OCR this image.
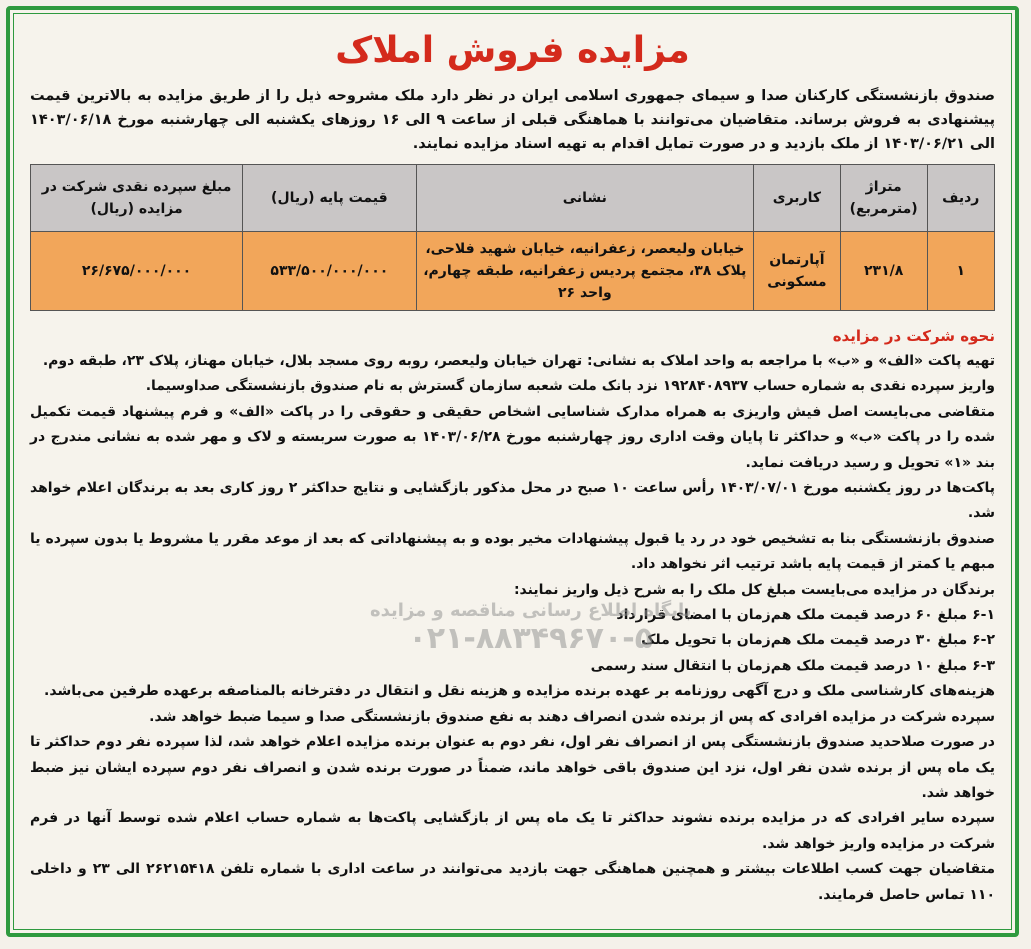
مزایده فروش املاک
صندوق بازنشستگی کارکنان صدا و سیمای جمهوری اسلامی ایران در نظر دارد ملک مشروحه ذیل را از طریق مزایده به بالاترین قیمت پیشنهادی به فروش برساند. متقاضیان می‌توانند با هماهنگی قبلی از ساعت ۹ الی ۱۶ روزهای یکشنبه الی چهارشنبه مورخ ۱۴۰۳/۰۶/۱۸ الی ۱۴۰۳/۰۶/۲۱ از ملک بازدید و در صورت تمایل اقدام به تهیه اسناد مزایده نمایند.
ردیف	متراژ (مترمربع)	کاربری	نشانی	قیمت پایه (ریال)	مبلغ سپرده نقدی شرکت در مزایده (ریال)
۱	۲۳۱/۸	آپارتمان مسکونی	خیابان ولیعصر، زعفرانیه، خیابان شهید فلاحی، پلاک ۳۸، مجتمع پردیس زعفرانیه، طبقه چهارم، واحد ۲۶	۵۳۳/۵۰۰/۰۰۰/۰۰۰	۲۶/۶۷۵/۰۰۰/۰۰۰
نحوه شرکت در مزایده

تهیه پاکت «الف» و «ب» با مراجعه به واحد املاک به نشانی: تهران خیابان ولیعصر، روبه روی مسجد بلال، خیابان مهناز، پلاک ۲۳، طبقه دوم.

واریز سپرده نقدی به شماره حساب ۱۹۲۸۴۰۸۹۳۷ نزد بانک ملت شعبه سازمان گسترش به نام صندوق بازنشستگی صداوسیما.

متقاضی می‌بایست اصل فیش واریزی به همراه مدارک شناسایی اشخاص حقیقی و حقوقی را در پاکت «الف» و فرم پیشنهاد قیمت تکمیل شده را در پاکت «ب» و حداکثر تا پایان وقت اداری روز چهارشنبه مورخ ۱۴۰۳/۰۶/۲۸ به صورت سربسته و لاک و مهر شده به نشانی مندرج در بند «۱» تحویل و رسید دریافت نماید.

پاکت‌ها در روز یکشنبه مورخ ۱۴۰۳/۰۷/۰۱ رأس ساعت ۱۰ صبح در محل مذکور بازگشایی و نتایج حداکثر ۲ روز کاری بعد به برندگان اعلام خواهد شد.

صندوق بازنشستگی بنا به تشخیص خود در رد یا قبول پیشنهادات مخیر بوده و به پیشنهاداتی که بعد از موعد مقرر یا مشروط یا بدون سپرده یا مبهم یا کمتر از قیمت پایه باشد ترتیب اثر نخواهد داد.

برندگان در مزایده می‌بایست مبلغ کل ملک را به شرح ذیل واریز نمایند:

۶-۱ مبلغ ۶۰ درصد قیمت ملک هم‌زمان با امضای قرارداد

۶-۲ مبلغ ۳۰ درصد قیمت ملک هم‌زمان با تحویل ملک

۶-۳ مبلغ ۱۰ درصد قیمت ملک هم‌زمان با انتقال سند رسمی

هزینه‌های کارشناسی ملک و درج آگهی روزنامه بر عهده برنده مزایده و هزینه نقل و انتقال در دفترخانه بالمناصفه برعهده طرفین می‌باشد.

سپرده شرکت در مزایده افرادی که پس از برنده شدن انصراف دهند به نفع صندوق بازنشستگی صدا و سیما ضبط خواهد شد.

در صورت صلاحدید صندوق بازنشستگی پس از انصراف نفر اول، نفر دوم به عنوان برنده مزایده اعلام خواهد شد، لذا سپرده نفر دوم حداکثر تا یک ماه پس از برنده شدن نفر اول، نزد این صندوق باقی خواهد ماند، ضمناً در صورت برنده شدن و انصراف نفر دوم سپرده ایشان نیز ضبط خواهد شد.

سپرده سایر افرادی که در مزایده برنده نشوند حداکثر تا یک ماه پس از بازگشایی پاکت‌ها به شماره حساب اعلام شده توسط آنها در فرم شرکت در مزایده واریز خواهد شد.

متقاضیان جهت کسب اطلاعات بیشتر و همچنین هماهنگی جهت بازدید می‌توانند در ساعت اداری با شماره تلفن ۲۶۲۱۵۴۱۸ الی ۲۳ و داخلی ۱۱۰ تماس حاصل فرمایند.

پایگاه اطلاع رسانی مناقصه و مزایده
۰۲۱-۸۸۳۴۹۶۷۰-۵
